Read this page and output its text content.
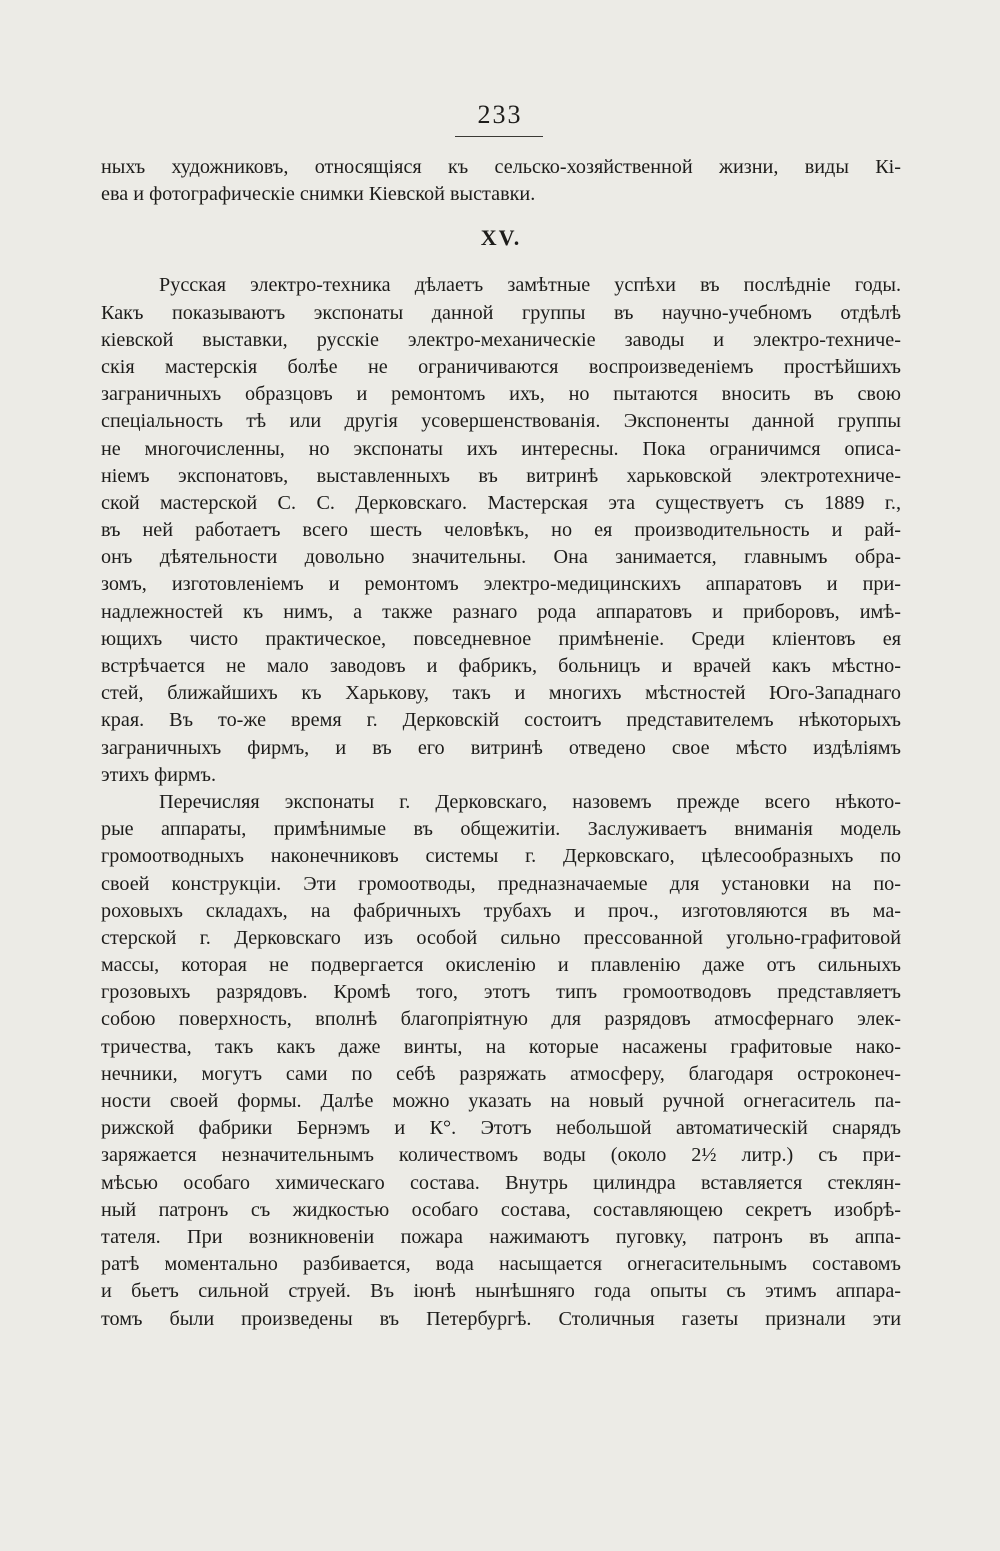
233
ныхъ художниковъ, относящіяся къ сельско-хозяйственной жизни, виды Кі-
ева и фотографическіе снимки Кіевской выставки.
XV.
Русская электро-техника дѣлаетъ замѣтные успѣхи въ послѣдніе годы.
Какъ показываютъ экспонаты данной группы въ научно-учебномъ отдѣлѣ
кіевской выставки, русскіе электро-механическіе заводы и электро-техниче-
скія мастерскія болѣе не ограничиваются воспроизведеніемъ простѣйшихъ
заграничныхъ образцовъ и ремонтомъ ихъ, но пытаются вносить въ свою
спеціальность тѣ или другія усовершенствованія. Экспоненты данной группы
не многочисленны, но экспонаты ихъ интересны. Пока ограничимся описа-
ніемъ экспонатовъ, выставленныхъ въ витринѣ харьковской электротехниче-
ской мастерской С. С. Дерковскаго. Мастерская эта существуетъ съ 1889 г.,
въ ней работаетъ всего шесть человѣкъ, но ея производительность и рай-
онъ дѣятельности довольно значительны. Она занимается, главнымъ обра-
зомъ, изготовленіемъ и ремонтомъ электро-медицинскихъ аппаратовъ и при-
надлежностей къ нимъ, а также разнаго рода аппаратовъ и приборовъ, имѣ-
ющихъ чисто практическое, повседневное примѣненіе. Среди кліентовъ ея
встрѣчается не мало заводовъ и фабрикъ, больницъ и врачей какъ мѣстно-
стей, ближайшихъ къ Харькову, такъ и многихъ мѣстностей Юго-Западнаго
края. Въ то-же время г. Дерковскій состоитъ представителемъ нѣкоторыхъ
заграничныхъ фирмъ, и въ его витринѣ отведено свое мѣсто издѣліямъ
этихъ фирмъ.
Перечисляя экспонаты г. Дерковскаго, назовемъ прежде всего нѣкото-
рые аппараты, примѣнимые въ общежитіи. Заслуживаетъ вниманія модель
громоотводныхъ наконечниковъ системы г. Дерковскаго, цѣлесообразныхъ по
своей конструкціи. Эти громоотводы, предназначаемые для установки на по-
роховыхъ складахъ, на фабричныхъ трубахъ и проч., изготовляются въ ма-
стерской г. Дерковскаго изъ особой сильно прессованной угольно-графитовой
массы, которая не подвергается окисленію и плавленію даже отъ сильныхъ
грозовыхъ разрядовъ. Кромѣ того, этотъ типъ громоотводовъ представляетъ
собою поверхность, вполнѣ благопріятную для разрядовъ атмосфернаго элек-
тричества, такъ какъ даже винты, на которые насажены графитовые нако-
нечники, могутъ сами по себѣ разряжать атмосферу, благодаря остроконеч-
ности своей формы. Далѣе можно указать на новый ручной огнегаситель па-
рижской фабрики Бернэмъ и К°. Этотъ небольшой автоматическій снарядъ
заряжается незначительнымъ количествомъ воды (около 2½ литр.) съ при-
мѣсью особаго химическаго состава. Внутрь цилиндра вставляется стеклян-
ный патронъ съ жидкостью особаго состава, составляющею секретъ изобрѣ-
тателя. При возникновеніи пожара нажимаютъ пуговку, патронъ въ аппа-
ратѣ моментально разбивается, вода насыщается огнегасительнымъ составомъ
и бьетъ сильной струей. Въ іюнѣ нынѣшняго года опыты съ этимъ аппара-
томъ были произведены въ Петербургѣ. Столичныя газеты признали эти
